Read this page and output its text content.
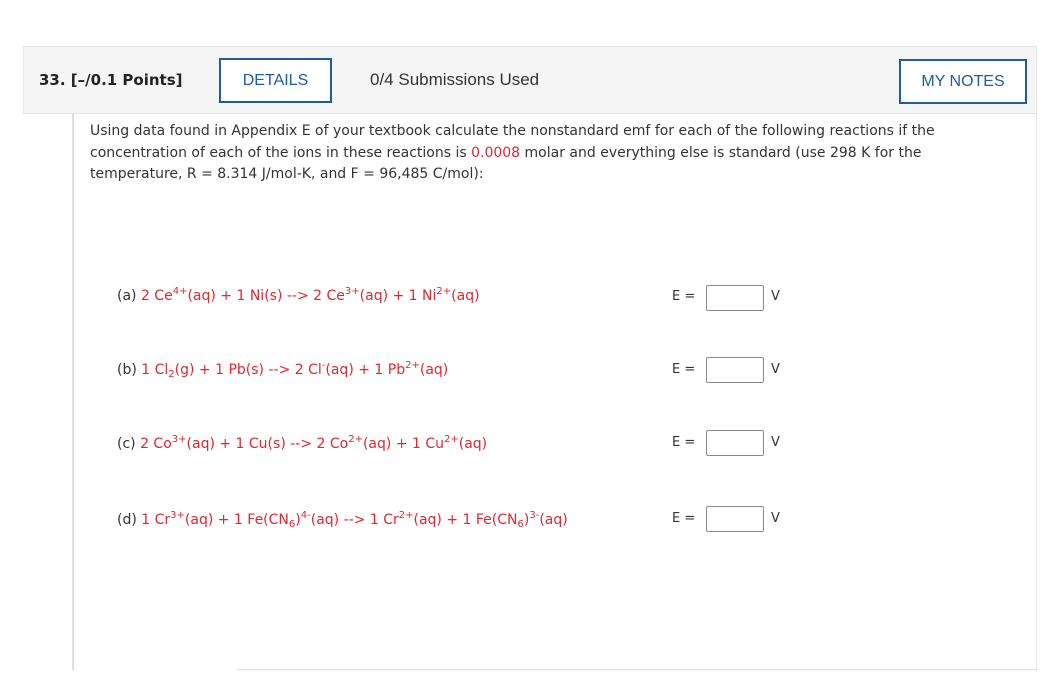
33. [–/0.1 Points]	DETAILS	0/4 Submissions Used	MY NOTES
Using data found in Appendix E of your textbook calculate the nonstandard emf for each of the following reactions if the concentration of each of the ions in these reactions is 0.0008 molar and everything else is standard (use 298 K for the temperature, R = 8.314 J/mol-K, and F = 96,485 C/mol):
(a) 2 $Ce^{4+}(aq) + 1$ Ni(s) --> 2 $Ce^{3+}(aq) + 1$ $Ni^{2+}(aq)$	E =	V
(b) 1 $Cl_2(g) + 1$ Pb(s) --> 2 Cl-(aq) + 1 $Pb^{2+}(aq)$	E =	V
(c) 2 $Co^{3+}(aq) + 1$ Cu(s) --> 2 $Co^{2+}(aq) + 1$ $Cu^{2+}(aq)$	E =	V
(d) 1 $Cr^{3+}(aq) + 1$ $Fe(CN_6)^{4-}(aq)$ --> 1 $Cr^{2+}(aq) + 1$ $Fe(CN_6)^{3-}(aq)$	E =	V
